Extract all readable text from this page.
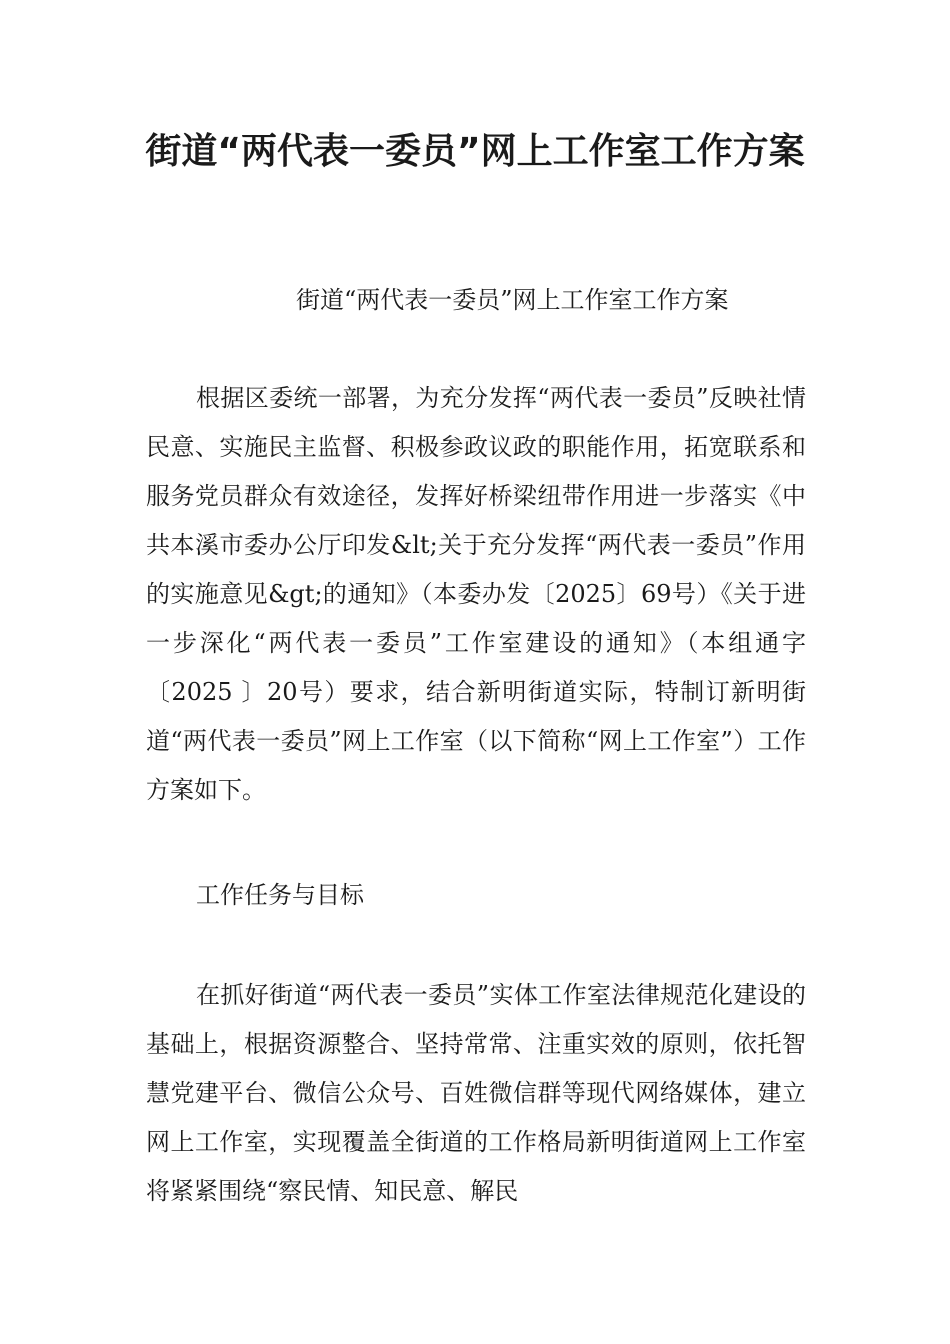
街道“两代表一委员”网上工作室工作方案

街道“两代表一委员”网上工作室工作方案

根据区委统一部署，为充分发挥“两代表一委员”反映社情民意、实施民主监督、积极参政议政的职能作用，拓宽联系和服务党员群众有效途径，发挥好桥梁纽带作用进一步落实《中共本溪市委办公厅印发&lt;关于充分发挥“两代表一委员”作用的实施意见&gt;的通知》（本委办发〔2025〕69号）《关于进一步深化“两代表一委员”工作室建设的通知》（本组通字〔2025 〕20号）要求，结合新明街道实际，特制订新明街道“两代表一委员”网上工作室（以下简称“网上工作室”）工作方案如下。

工作任务与目标

在抓好街道“两代表一委员”实体工作室法律规范化建设的基础上，根据资源整合、坚持常常、注重实效的原则，依托智慧党建平台、微信公众号、百姓微信群等现代网络媒体，建立网上工作室，实现覆盖全街道的工作格局新明街道网上工作室将紧紧围绕“察民情、知民意、解民
